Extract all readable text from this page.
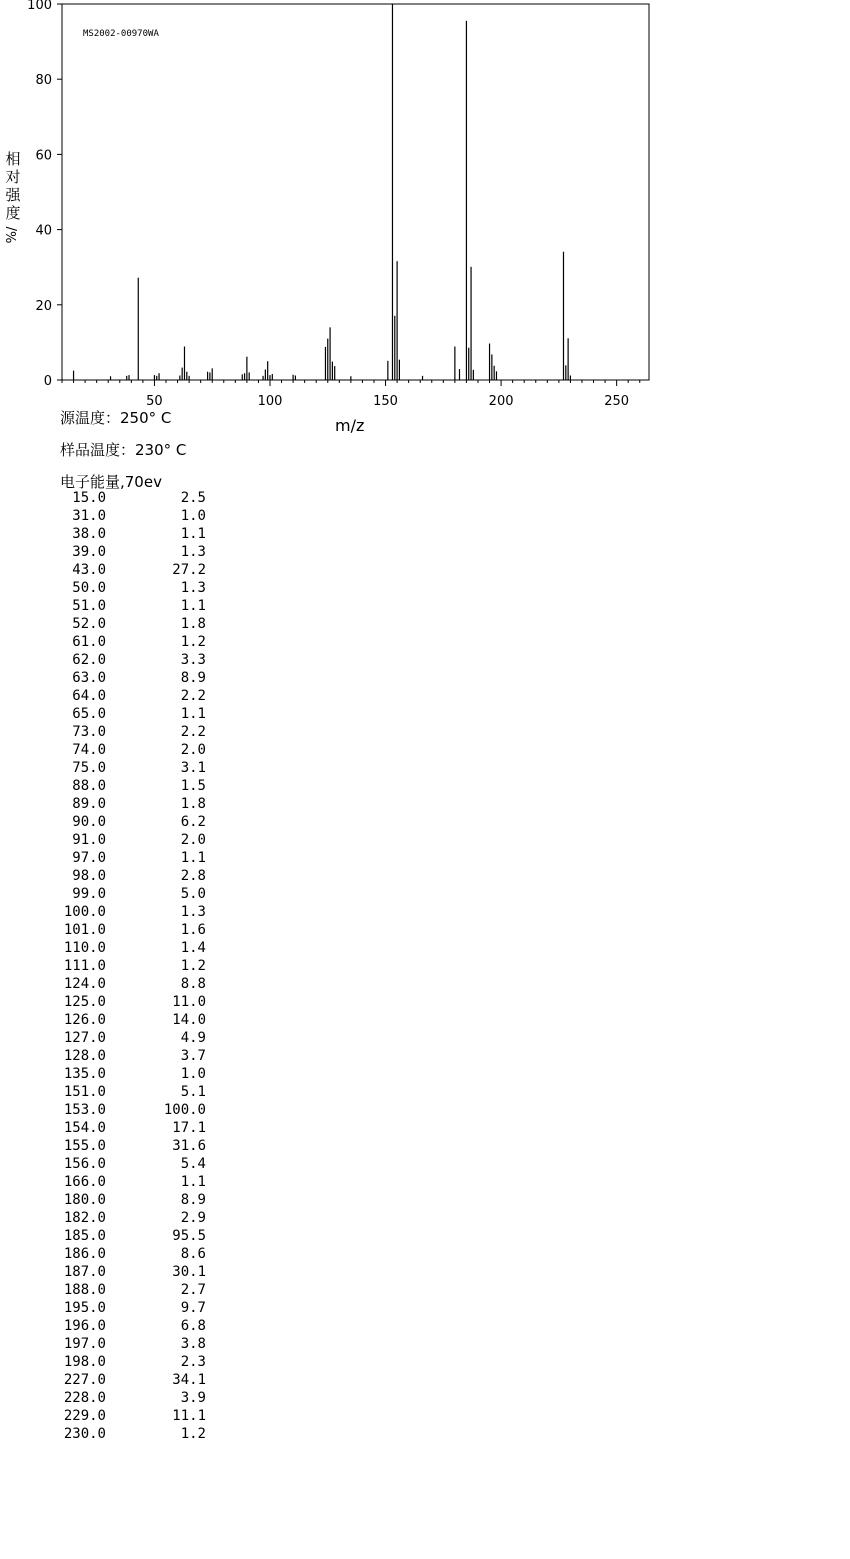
MS2002-00970WA
0
20
40
60
80
100
50	100	150	200	250
相对强度
%/
m/z
源温度：250° C
样品温度：230° C
电子能量,70ev
15.0	2.5
31.0	1.0
38.0	1.1
39.0	1.3
43.0	27.2
50.0	1.3
51.0	1.1
52.0	1.8
61.0	1.2
62.0	3.3
63.0	8.9
64.0	2.2
65.0	1.1
73.0	2.2
74.0	2.0
75.0	3.1
88.0	1.5
89.0	1.8
90.0	6.2
91.0	2.0
97.0	1.1
98.0	2.8
99.0	5.0
100.0	1.3
101.0	1.6
110.0	1.4
111.0	1.2
124.0	8.8
125.0	11.0
126.0	14.0
127.0	4.9
128.0	3.7
135.0	1.0
151.0	5.1
153.0	100.0
154.0	17.1
155.0	31.6
156.0	5.4
166.0	1.1
180.0	8.9
182.0	2.9
185.0	95.5
186.0	8.6
187.0	30.1
188.0	2.7
195.0	9.7
196.0	6.8
197.0	3.8
198.0	2.3
227.0	34.1
228.0	3.9
229.0	11.1
230.0	1.2
